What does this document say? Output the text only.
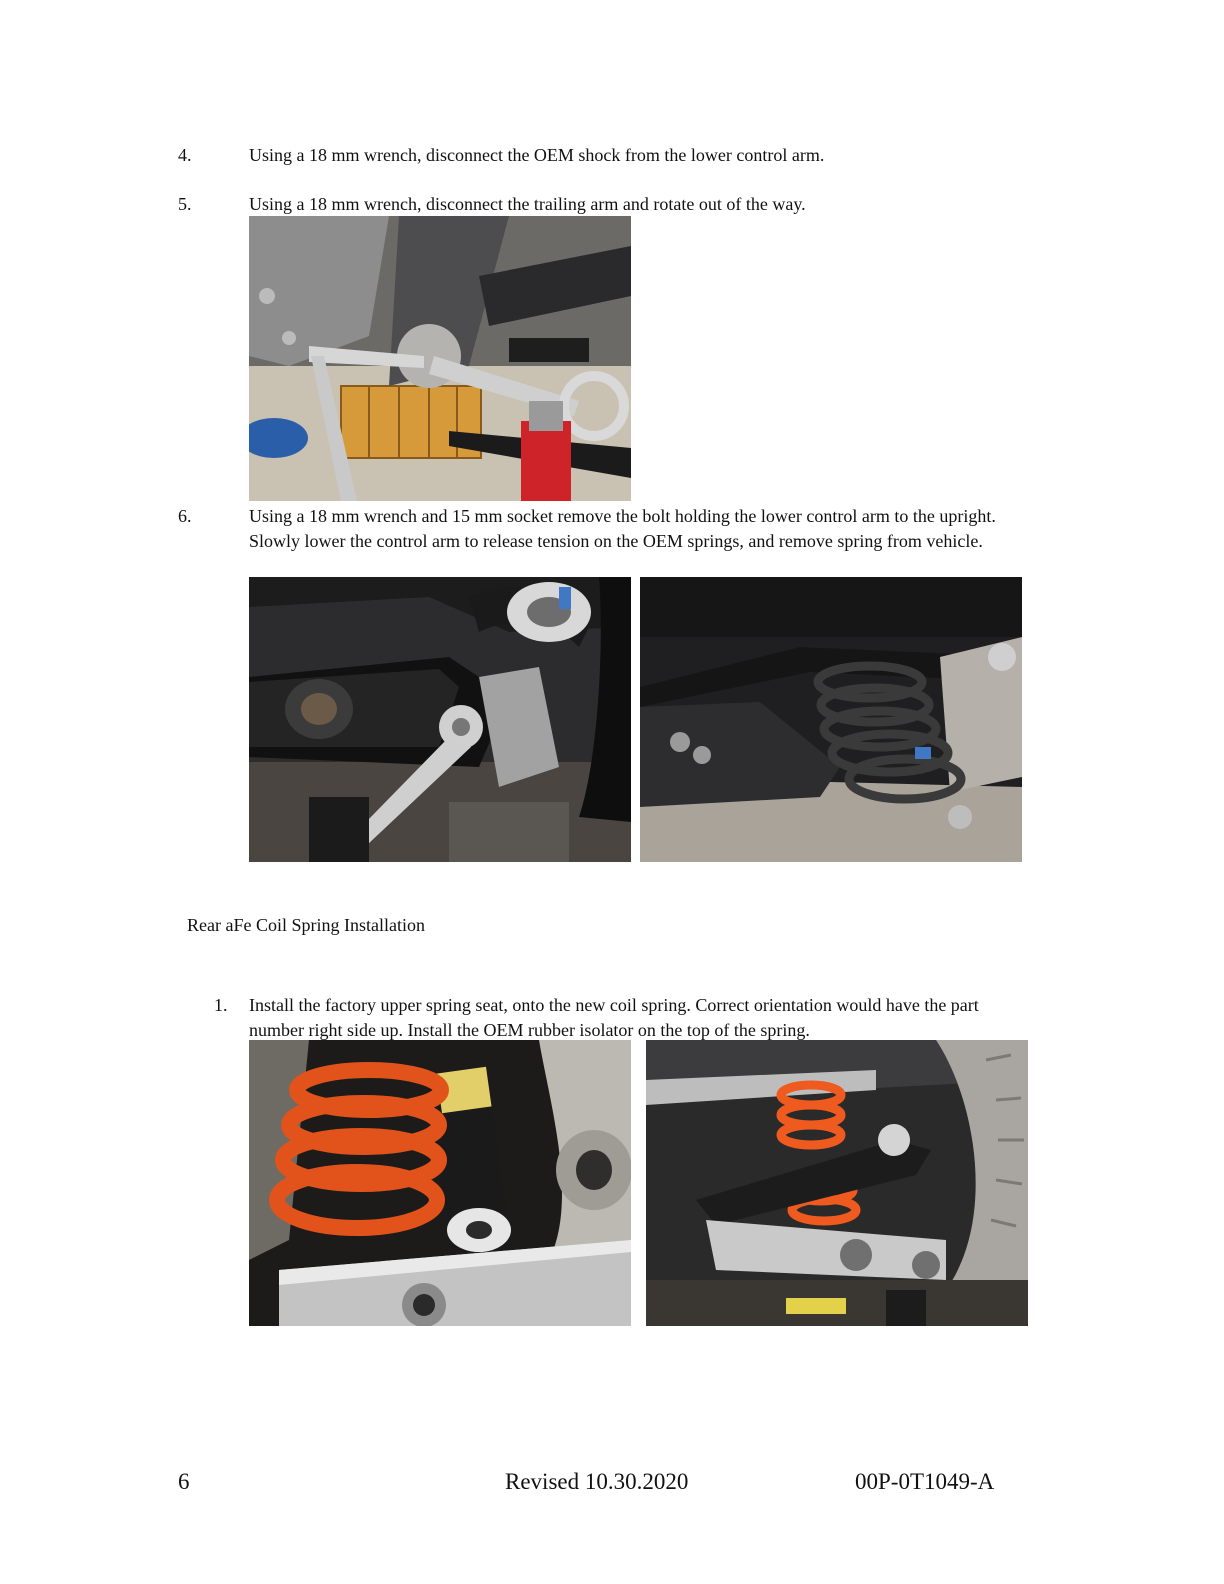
4.	Using a 18 mm wrench, disconnect the OEM shock from the lower control arm.
5.	Using a 18 mm wrench, disconnect the trailing arm and rotate out of the way.
6.	Using a 18 mm wrench and 15 mm socket remove the bolt holding the lower control arm to the upright. Slowly lower the control arm to release tension on the OEM springs, and remove spring from vehicle.
Rear aFe Coil Spring Installation
1. Install the factory upper spring seat, onto the new coil spring. Correct orientation would have the part number right side up. Install the OEM rubber isolator on the top of the spring.
6	Revised 10.30.2020	00P-0T1049-A
